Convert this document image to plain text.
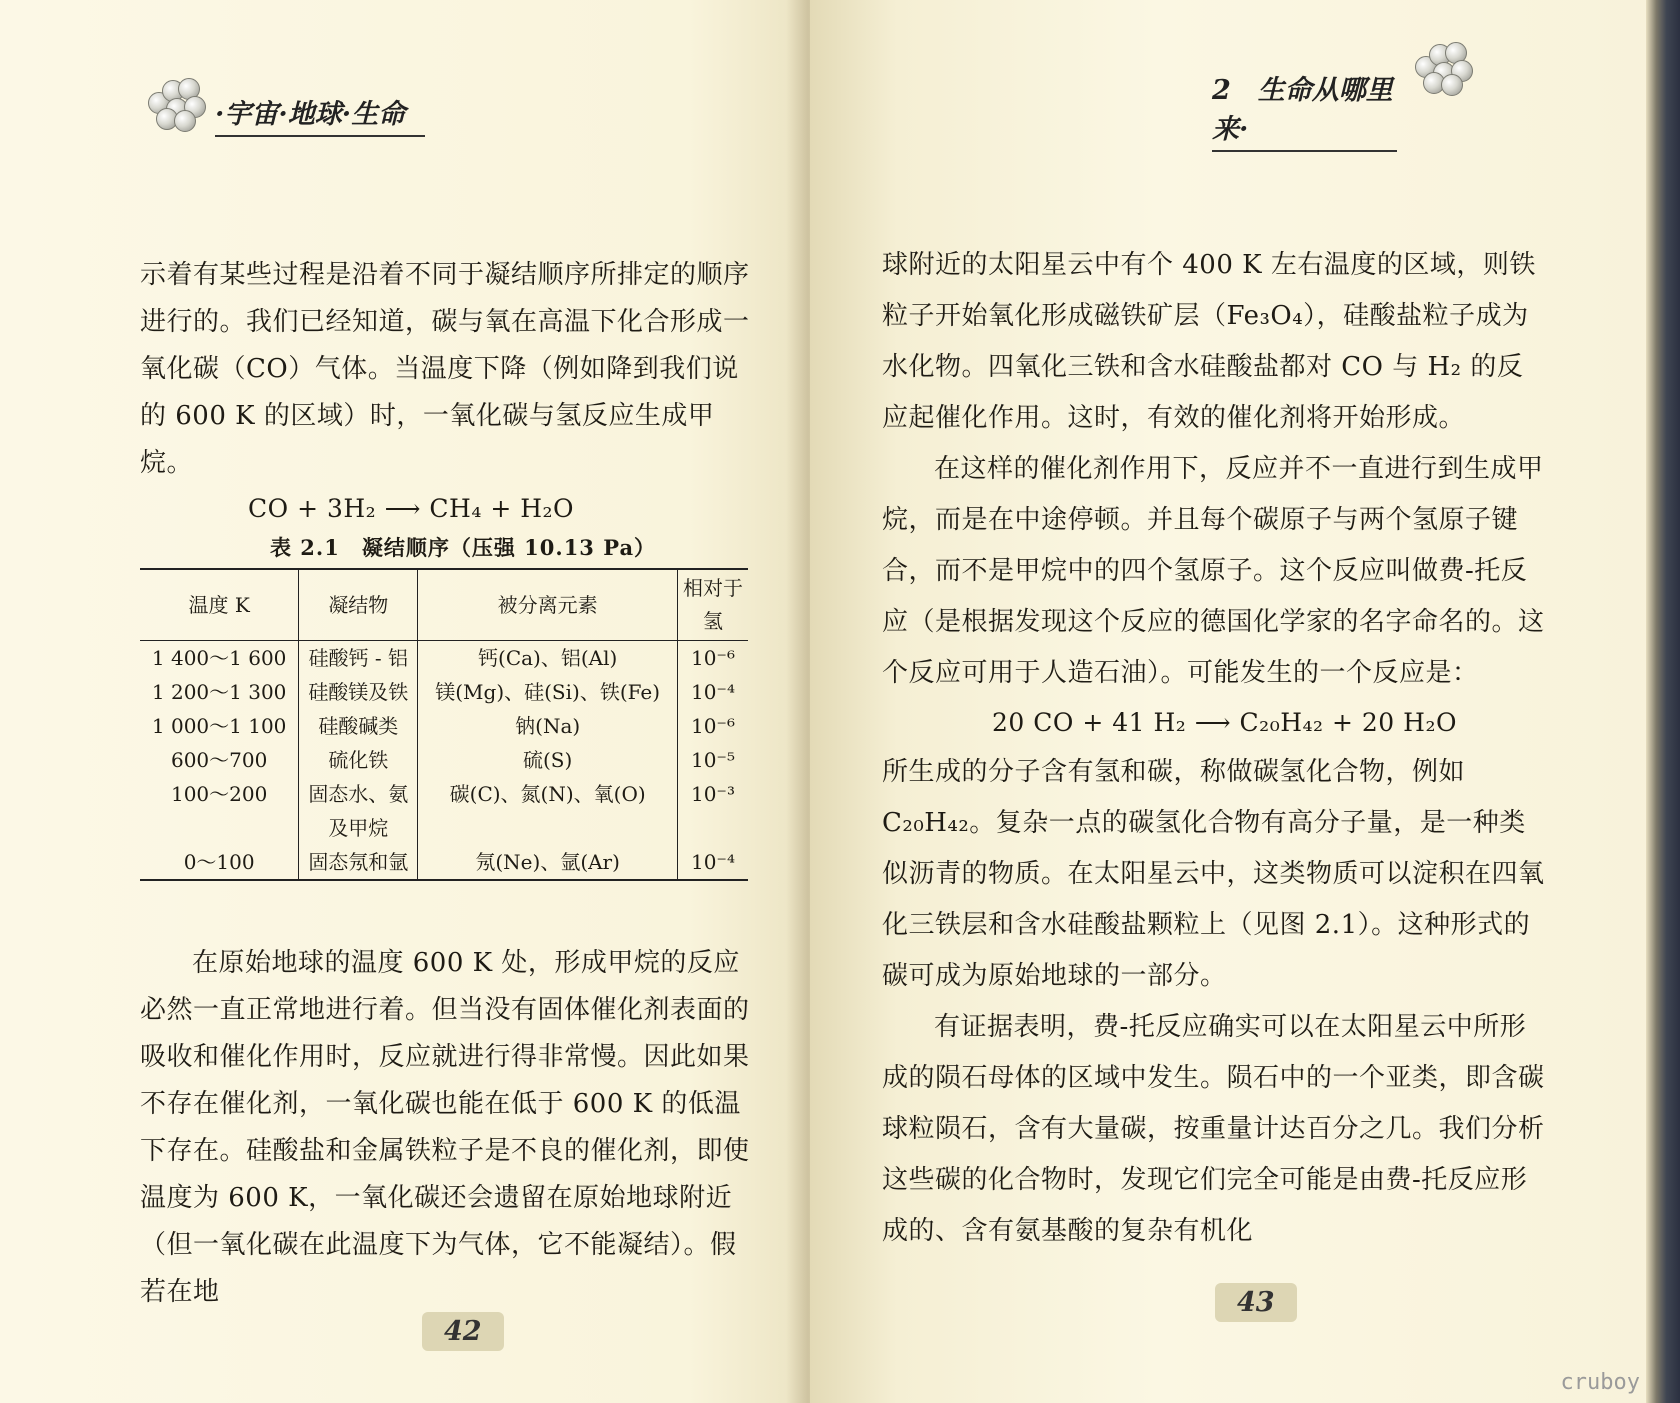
·宇宙·地球·生命

示着有某些过程是沿着不同于凝结顺序所排定的顺序进行的。我们已经知道，碳与氧在高温下化合形成一氧化碳（CO）气体。当温度下降（例如降到我们说的 600 K 的区域）时，一氧化碳与氢反应生成甲烷。

CO + 3H₂ ⟶ CH₄ + H₂O

表 2.1　凝结顺序（压强 10.13 Pa）
温度 K	凝结物	被分离元素	相对于氢
1 400～1 600	硅酸钙 - 铝	钙(Ca)、铝(Al)	10⁻⁶
1 200～1 300	硅酸镁及铁	镁(Mg)、硅(Si)、铁(Fe)	10⁻⁴
1 000～1 100	硅酸碱类	钠(Na)	10⁻⁶
600～700	硫化铁	硫(S)	10⁻⁵
100～200	固态水、氨及甲烷	碳(C)、氮(N)、氧(O)	10⁻³
0～100	固态氖和氩	氖(Ne)、氩(Ar)	10⁻⁴

在原始地球的温度 600 K 处，形成甲烷的反应必然一直正常地进行着。但当没有固体催化剂表面的吸收和催化作用时，反应就进行得非常慢。因此如果不存在催化剂，一氧化碳也能在低于 600 K 的低温下存在。硅酸盐和金属铁粒子是不良的催化剂，即使温度为 600 K，一氧化碳还会遗留在原始地球附近（但一氧化碳在此温度下为气体，它不能凝结）。假若在地

42
2　生命从哪里来·

球附近的太阳星云中有个 400 K 左右温度的区域，则铁粒子开始氧化形成磁铁矿层（Fe₃O₄），硅酸盐粒子成为水化物。四氧化三铁和含水硅酸盐都对 CO 与 H₂ 的反应起催化作用。这时，有效的催化剂将开始形成。

在这样的催化剂作用下，反应并不一直进行到生成甲烷，而是在中途停顿。并且每个碳原子与两个氢原子键合，而不是甲烷中的四个氢原子。这个反应叫做费-托反应（是根据发现这个反应的德国化学家的名字命名的。这个反应可用于人造石油）。可能发生的一个反应是：

20 CO + 41 H₂ ⟶ C₂₀H₄₂ + 20 H₂O

所生成的分子含有氢和碳，称做碳氢化合物，例如 C₂₀H₄₂。复杂一点的碳氢化合物有高分子量，是一种类似沥青的物质。在太阳星云中，这类物质可以淀积在四氧化三铁层和含水硅酸盐颗粒上（见图 2.1）。这种形式的碳可成为原始地球的一部分。

有证据表明，费-托反应确实可以在太阳星云中所形成的陨石母体的区域中发生。陨石中的一个亚类，即含碳球粒陨石，含有大量碳，按重量计达百分之几。我们分析这些碳的化合物时，发现它们完全可能是由费-托反应形成的、含有氨基酸的复杂有机化

43
cruboy
